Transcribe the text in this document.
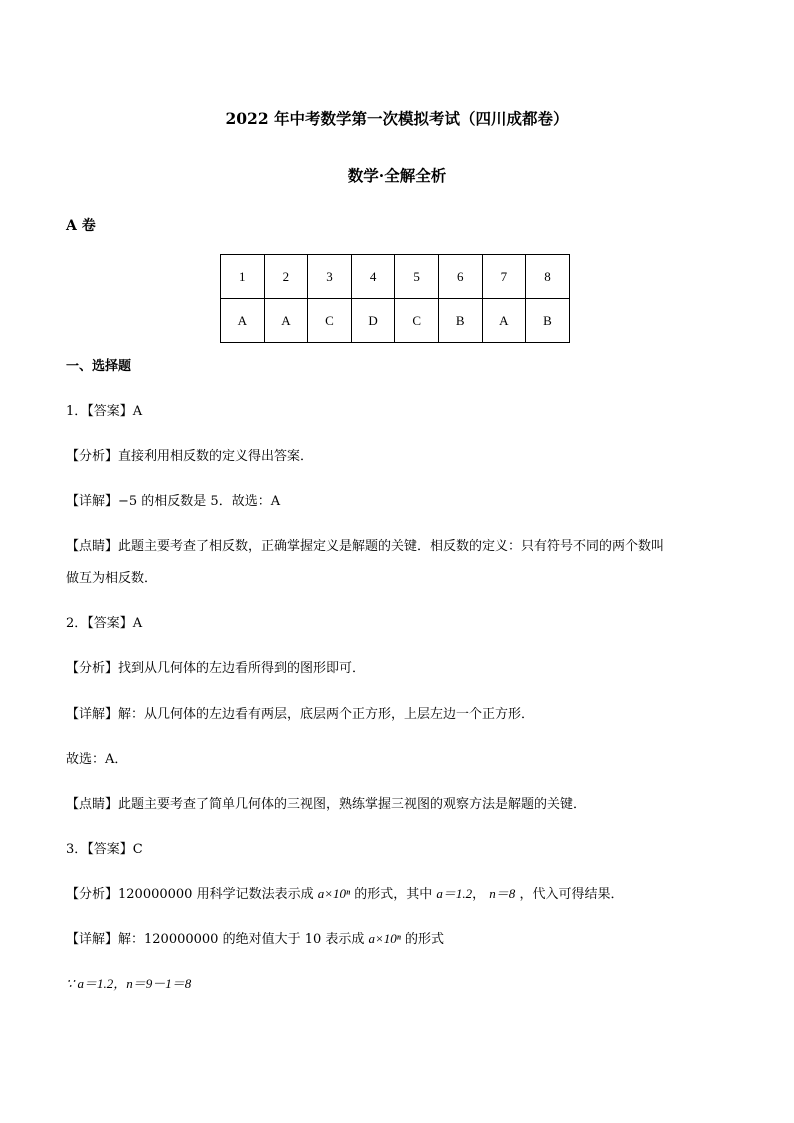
2022 年中考数学第一次模拟考试（四川成都卷）
数学·全解全析
A 卷
1	2	3	4	5	6	7	8
A	A	C	D	C	B	A	B
一、选择题
1．【答案】A
【分析】直接利用相反数的定义得出答案．
【详解】−5 的相反数是 5．故选：A
【点睛】此题主要考查了相反数，正确掌握定义是解题的关键．相反数的定义：只有符号不同的两个数叫
做互为相反数．
2．【答案】A
【分析】找到从几何体的左边看所得到的图形即可．
【详解】解：从几何体的左边看有两层，底层两个正方形，上层左边一个正方形．
故选：A．
【点睛】此题主要考查了简单几何体的三视图，熟练掌握三视图的观察方法是解题的关键．
3．【答案】C
【分析】120000000 用科学记数法表示成 a×10ⁿ 的形式，其中 a＝1.2， n＝8 ，代入可得结果．
【详解】解：120000000 的绝对值大于 10 表示成 a×10ⁿ 的形式
∵ a＝1.2，n＝9－1＝8
